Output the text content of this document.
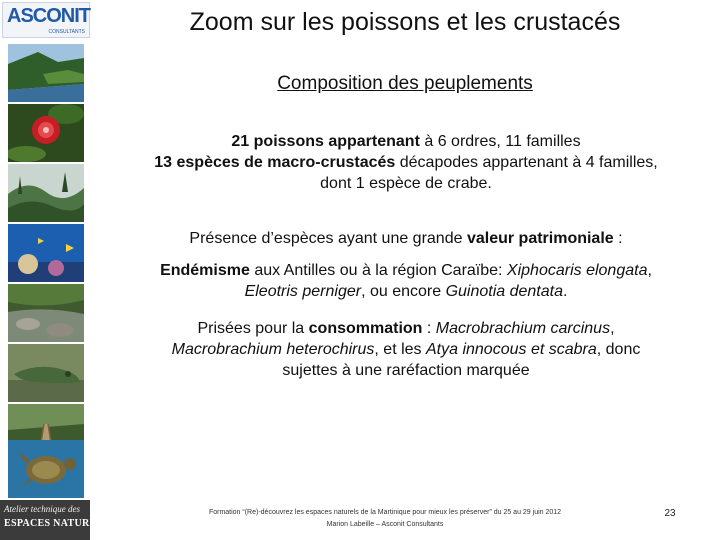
ASCONIT
CONSULTANTS
Atelier technique des
ESPACES NATURELS
Zoom sur les poissons et les crustacés
Composition des peuplements
21 poissons appartenant à 6 ordres, 11 familles
13 espèces de macro-crustacés décapodes appartenant à 4 familles,
dont 1 espèce de crabe.
Présence d’espèces ayant une grande valeur patrimoniale :
Endémisme aux Antilles ou à la région Caraïbe: Xiphocaris elongata,
Eleotris perniger, ou encore Guinotia dentata.
Prisées pour la consommation : Macrobrachium carcinus,
Macrobrachium heterochirus, et les Atya innocous et scabra, donc
sujettes à une raréfaction marquée
Formation “(Re)-découvrez les espaces naturels de la Martinique pour mieux les préserver” du 25 au 29 juin 2012
Marion Labeille – Asconit Consultants
23
